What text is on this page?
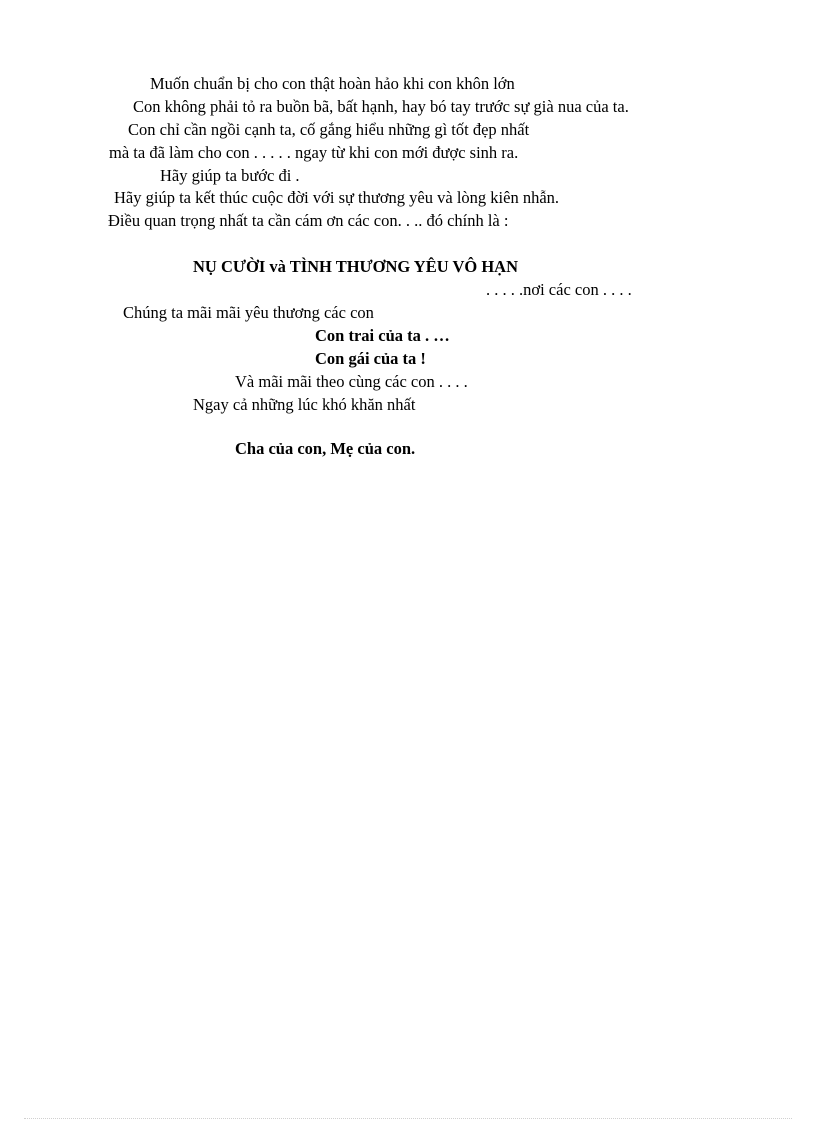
Muốn chuẩn bị cho con thật hoàn hảo khi con khôn lớn
Con không phải tỏ ra buồn bã, bất hạnh, hay bó tay trước sự già nua của ta.
Con chỉ cần ngồi cạnh ta, cố gắng hiểu những gì tốt đẹp nhất
mà ta đã làm cho con . . . . . ngay từ khi con mới được sinh ra.
Hãy giúp ta bước đi .
Hãy giúp ta kết thúc cuộc đời với sự thương yêu và lòng kiên nhẫn.
Điều quan trọng nhất ta cần cám ơn các con. . .. đó chính là :
NỤ CƯỜI và TÌNH THƯƠNG YÊU VÔ HẠN
. . . . .nơi các con . . . .
Chúng ta mãi mãi yêu thương các con
Con trai của ta . …
Con gái của ta !
Và mãi mãi theo cùng các con . . . .
Ngay cả những lúc khó khăn nhất
Cha của con, Mẹ của con.
